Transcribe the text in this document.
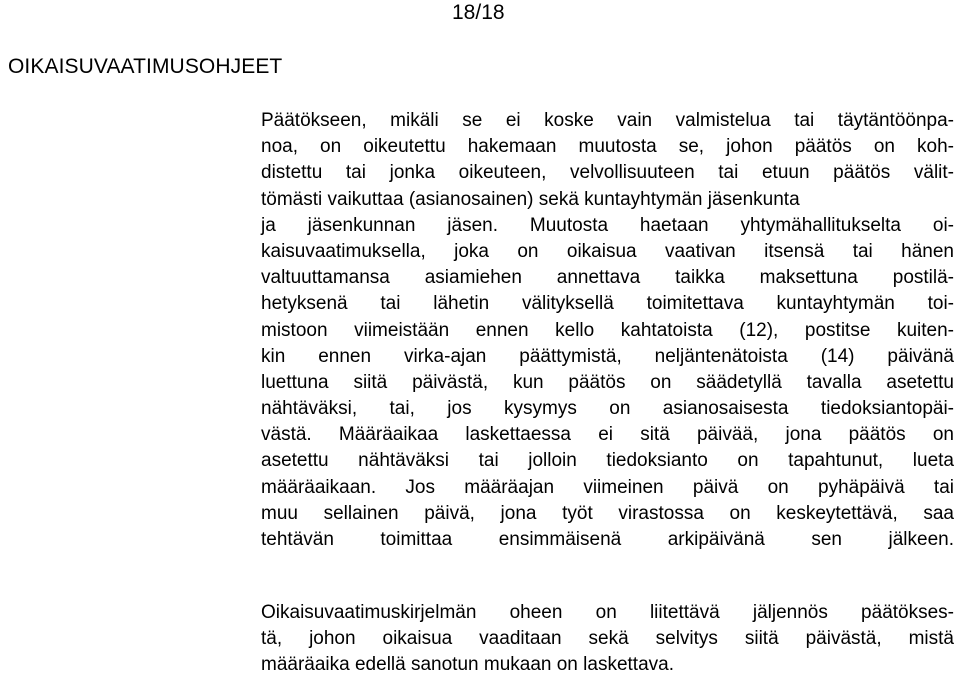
18/18
OIKAISUVAATIMUSOHJEET
Päätökseen, mikäli se ei koske vain valmistelua tai täytäntöönpa-
noa, on oikeutettu hakemaan muutosta se, johon päätös on koh-
distettu tai jonka oikeuteen, velvollisuuteen tai etuun päätös välit-
tömästi vaikuttaa (asianosainen) sekä kuntayhtymän jäsenkunta
ja jäsenkunnan jäsen. Muutosta haetaan yhtymähallitukselta oi-
kaisuvaatimuksella, joka on oikaisua vaativan itsensä tai hänen
valtuuttamansa asiamiehen annettava taikka maksettuna postilä-
hetyksenä tai lähetin välityksellä toimitettava kuntayhtymän toi-
mistoon viimeistään ennen kello kahtatoista (12), postitse kuiten-
kin ennen virka-ajan päättymistä, neljäntenätoista (14) päivänä
luettuna siitä päivästä, kun päätös on säädetyllä tavalla asetettu
nähtäväksi, tai, jos kysymys on asianosaisesta tiedoksiantopäi-
västä. Määräaikaa laskettaessa ei sitä päivää, jona päätös on
asetettu nähtäväksi tai jolloin tiedoksianto on tapahtunut, lueta
määräaikaan. Jos määräajan viimeinen päivä on pyhäpäivä tai
muu sellainen päivä, jona työt virastossa on keskeytettävä, saa
tehtävän toimittaa ensimmäisenä arkipäivänä sen jälkeen.
Oikaisuvaatimuskirjelmän oheen on liitettävä jäljennös päätökses-
tä, johon oikaisua vaaditaan sekä selvitys siitä päivästä, mistä
määräaika edellä sanotun mukaan on laskettava.
